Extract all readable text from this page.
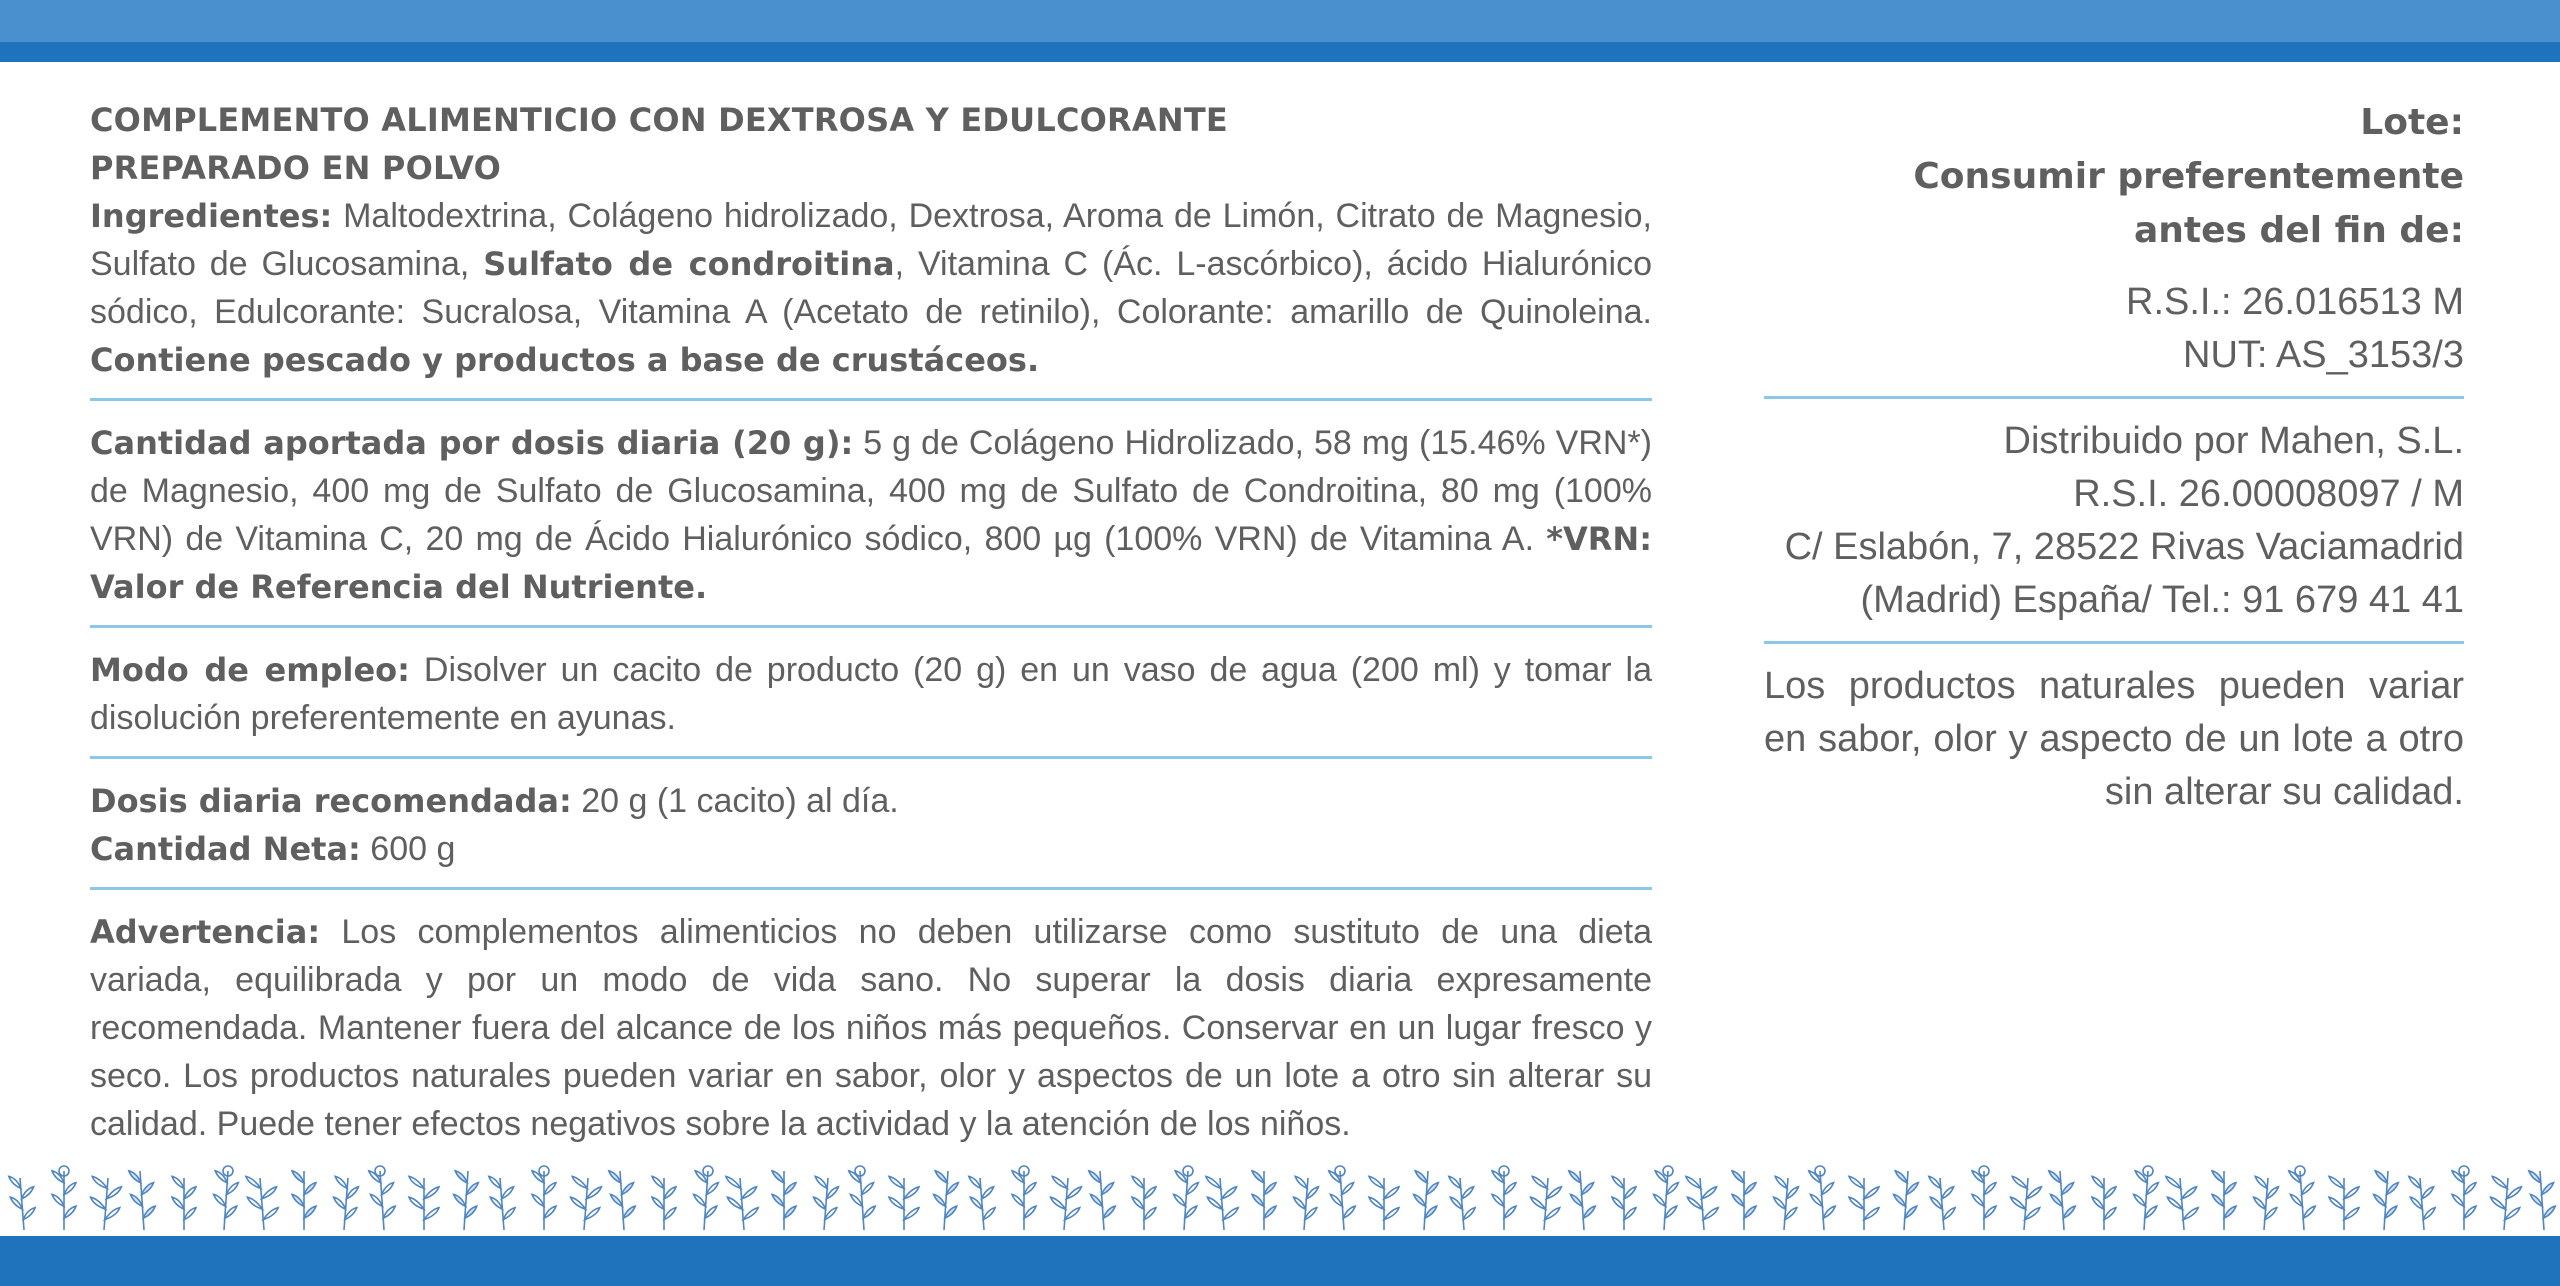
COMPLEMENTO ALIMENTICIO CON DEXTROSA Y EDULCORANTE
PREPARADO EN POLVO
Ingredientes: Maltodextrina, Colágeno hidrolizado, Dextrosa, Aroma de Limón, Citrato de Magnesio, Sulfato de Glucosamina, Sulfato de condroitina, Vitamina C (Ác. L-ascórbico), ácido Hialurónico sódico, Edulcorante: Sucralosa, Vitamina A (Acetato de retinilo), Colorante: amarillo de Quinoleina. Contiene pescado y productos a base de crustáceos.
Cantidad aportada por dosis diaria (20 g): 5 g de Colágeno Hidrolizado, 58 mg (15.46% VRN*) de Magnesio, 400 mg de Sulfato de Glucosamina, 400 mg de Sulfato de Condroitina, 80 mg (100% VRN) de Vitamina C, 20 mg de Ácido Hialurónico sódico, 800 µg (100% VRN) de Vitamina A. *VRN: Valor de Referencia del Nutriente.
Modo de empleo: Disolver un cacito de producto (20 g) en un vaso de agua (200 ml) y tomar la disolución preferentemente en ayunas.
Dosis diaria recomendada: 20 g (1 cacito) al día.
Cantidad Neta: 600 g
Advertencia: Los complementos alimenticios no deben utilizarse como sustituto de una dieta variada, equilibrada y por un modo de vida sano. No superar la dosis diaria expresamente recomendada. Mantener fuera del alcance de los niños más pequeños. Conservar en un lugar fresco y seco. Los productos naturales pueden variar en sabor, olor y aspectos de un lote a otro sin alterar su calidad. Puede tener efectos negativos sobre la actividad y la atención de los niños.
Lote:
Consumir preferentemente
antes del fin de:
R.S.I.: 26.016513 M
NUT: AS_3153/3
Distribuido por Mahen, S.L.
R.S.I. 26.00008097 / M
C/ Eslabón, 7, 28522 Rivas Vaciamadrid
(Madrid) España/ Tel.: 91 679 41 41
Los productos naturales pueden variar en sabor, olor y aspecto de un lote a otro sin alterar su calidad.
